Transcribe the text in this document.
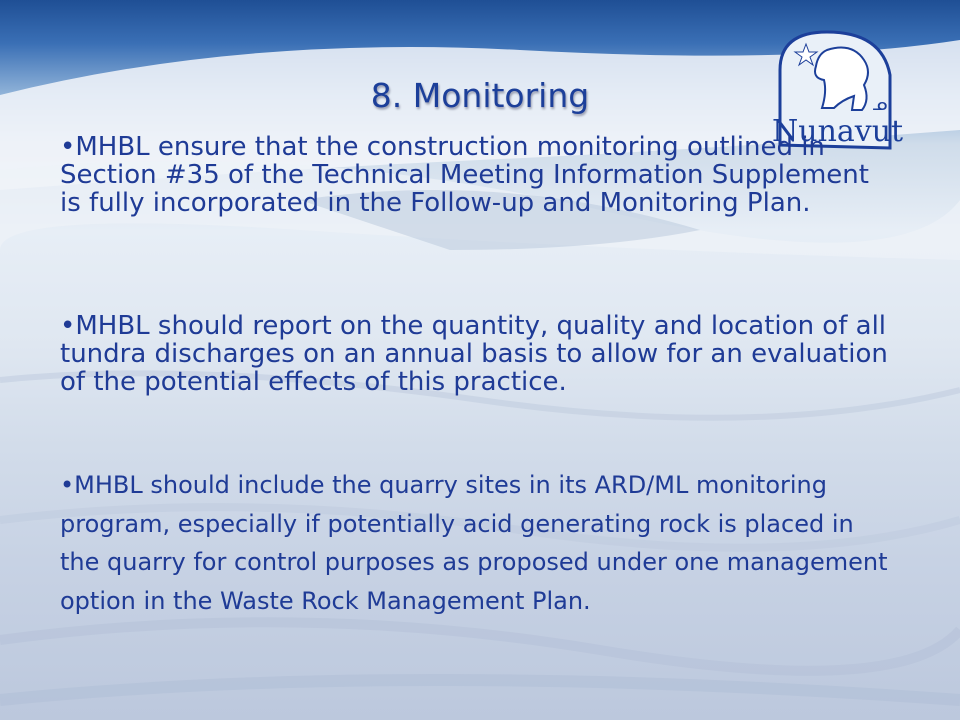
ᓄ
Nunavut
8. Monitoring

•MHBL ensure that the construction monitoring outlined in Section #35 of the Technical Meeting Information Supplement is fully incorporated in the Follow-up and Monitoring Plan.

•MHBL should report on the quantity, quality and location of all tundra discharges on an annual basis to allow for an evaluation of the potential effects of this practice.

•MHBL should include the quarry sites in its ARD/ML monitoring program, especially if potentially acid generating rock is placed in the quarry for control purposes as proposed under one management option in the Waste Rock Management Plan.
